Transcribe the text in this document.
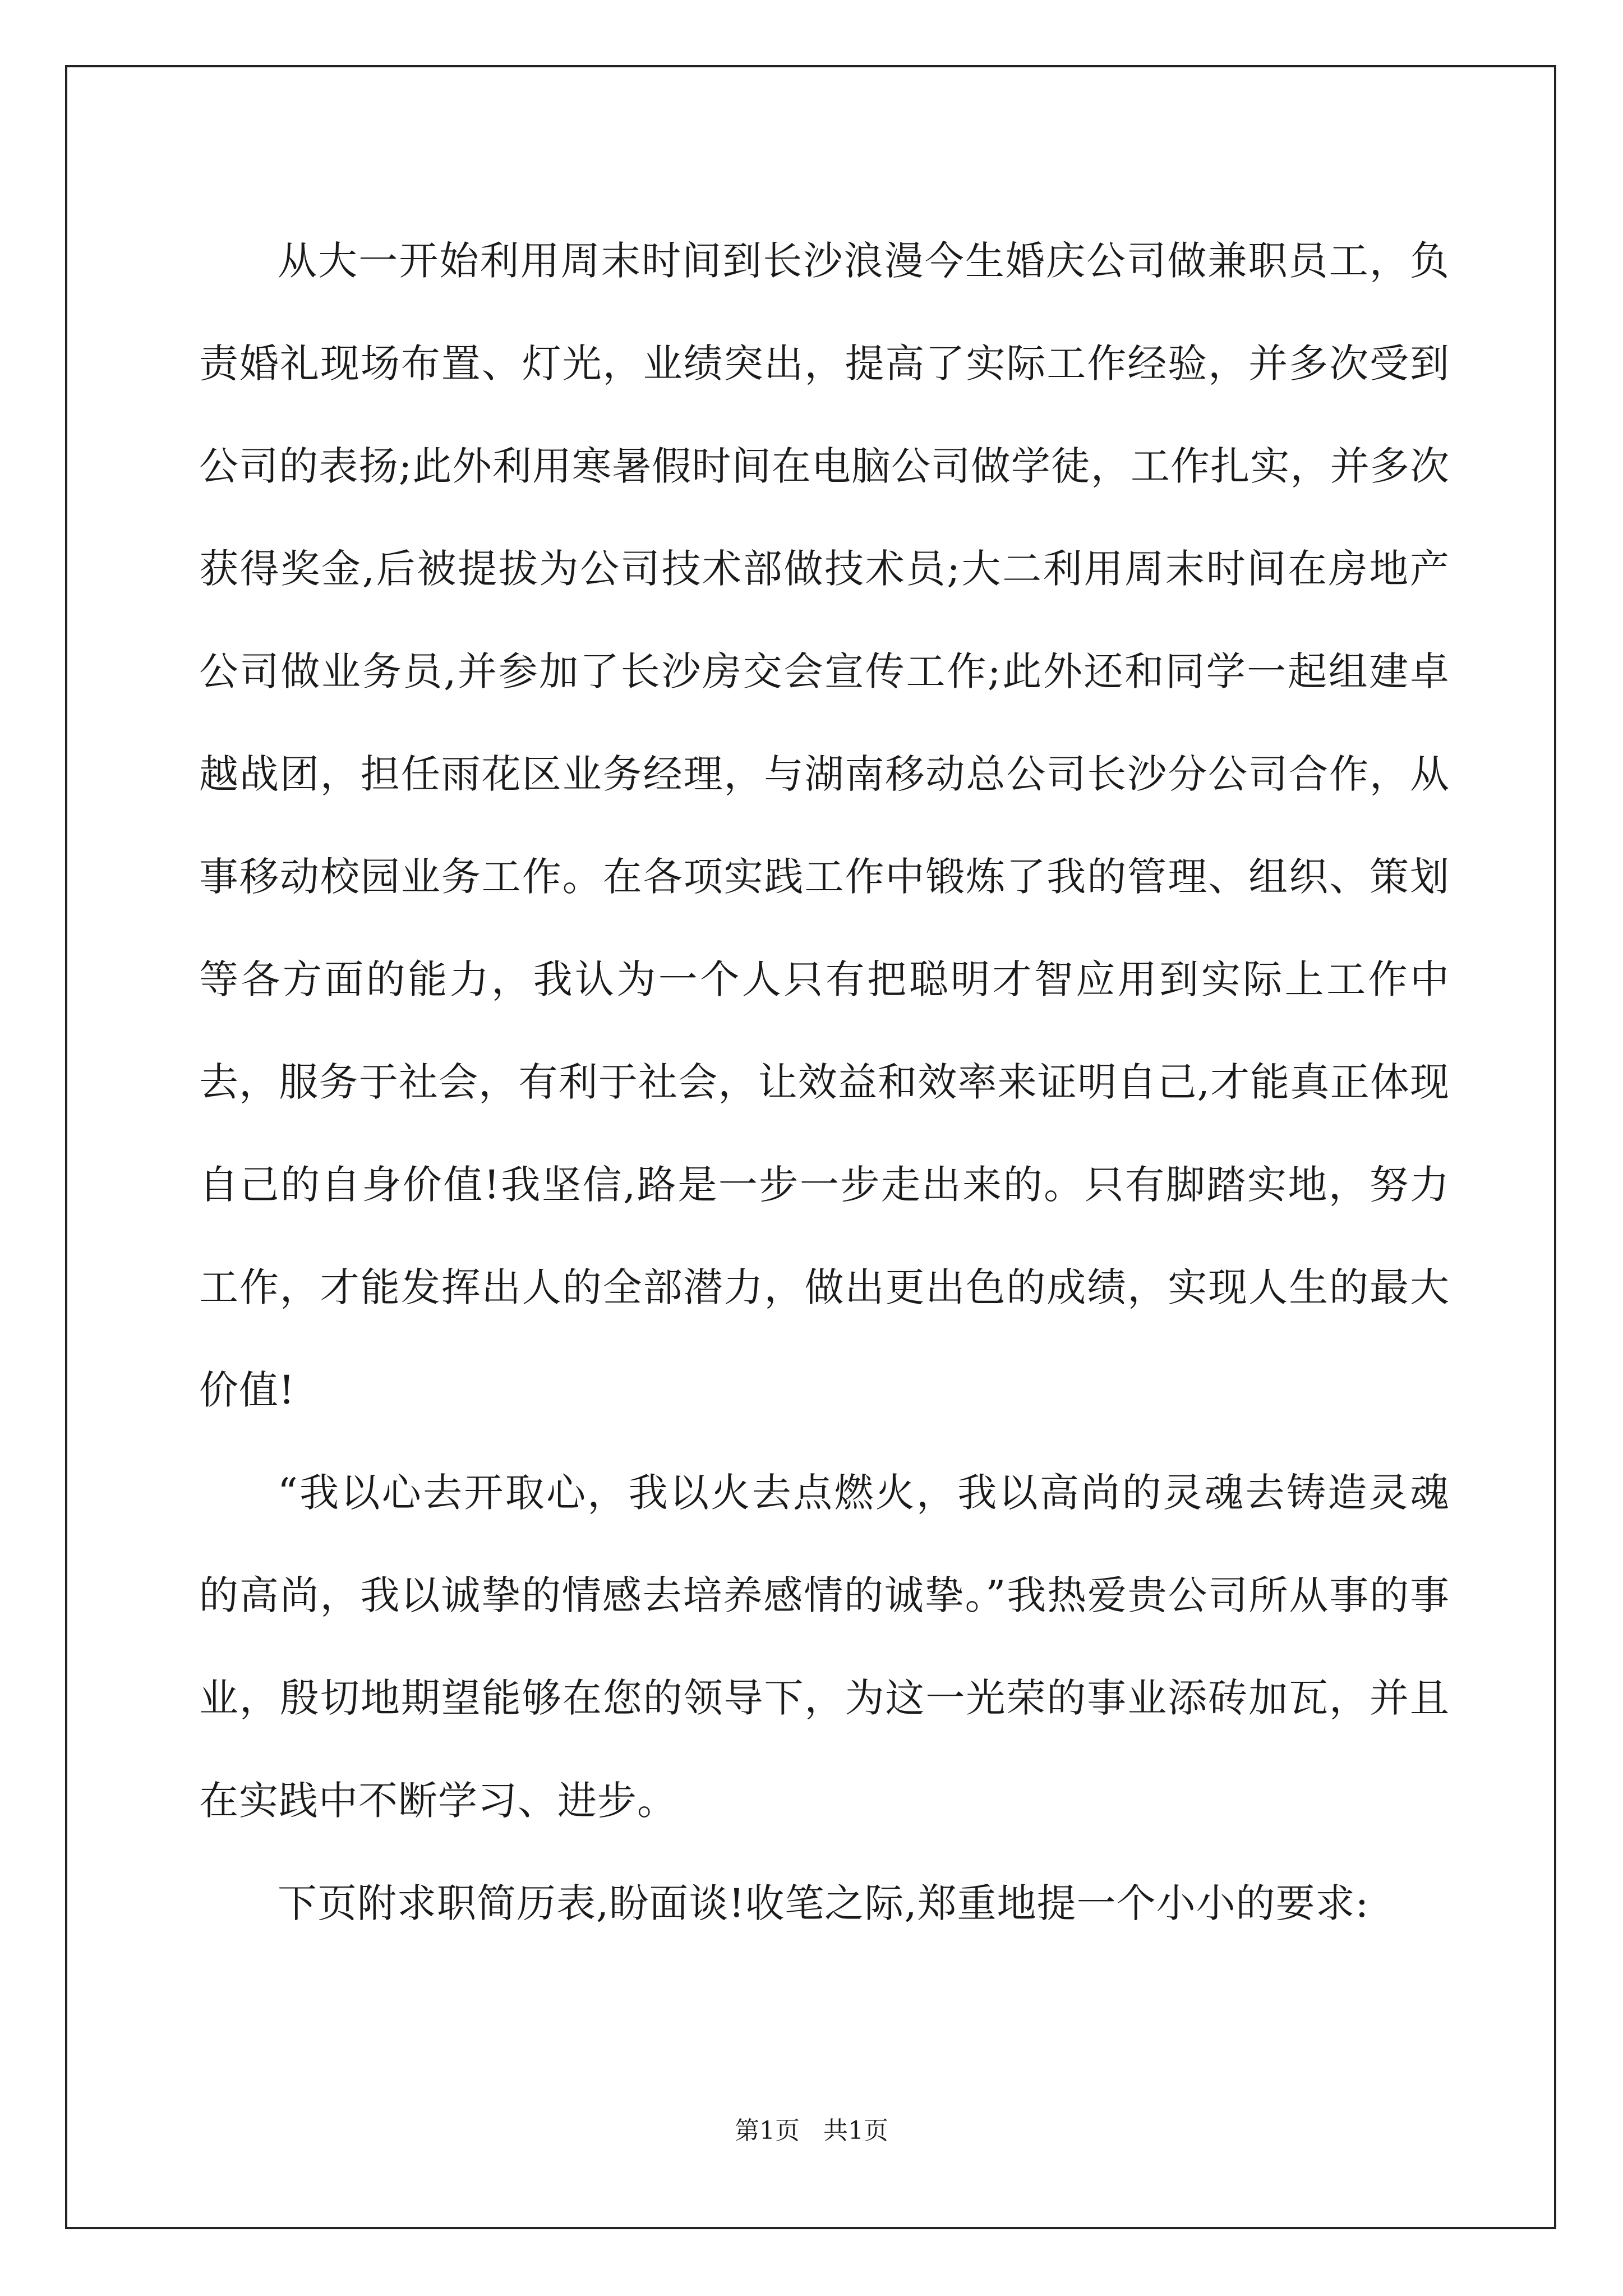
从大一开始利用周末时间到长沙浪漫今生婚庆公司做兼职员工，负责婚礼现场布置、灯光，业绩突出，提高了实际工作经验，并多次受到公司的表扬;此外利用寒暑假时间在电脑公司做学徒，工作扎实，并多次获得奖金,后被提拔为公司技术部做技术员;大二利用周末时间在房地产公司做业务员,并参加了长沙房交会宣传工作;此外还和同学一起组建卓越战团，担任雨花区业务经理，与湖南移动总公司长沙分公司合作，从事移动校园业务工作。在各项实践工作中锻炼了我的管理、组织、策划等各方面的能力，我认为一个人只有把聪明才智应用到实际上工作中去，服务于社会，有利于社会，让效益和效率来证明自己,才能真正体现自己的自身价值!我坚信,路是一步一步走出来的。只有脚踏实地，努力工作，才能发挥出人的全部潜力，做出更出色的成绩，实现人生的最大价值!

“我以心去开取心，我以火去点燃火，我以高尚的灵魂去铸造灵魂的高尚，我以诚挚的情感去培养感情的诚挚。”我热爱贵公司所从事的事业，殷切地期望能够在您的领导下，为这一光荣的事业添砖加瓦，并且在实践中不断学习、进步。

下页附求职简历表,盼面谈!收笔之际,郑重地提一个小小的要求:

第1页   共1页
